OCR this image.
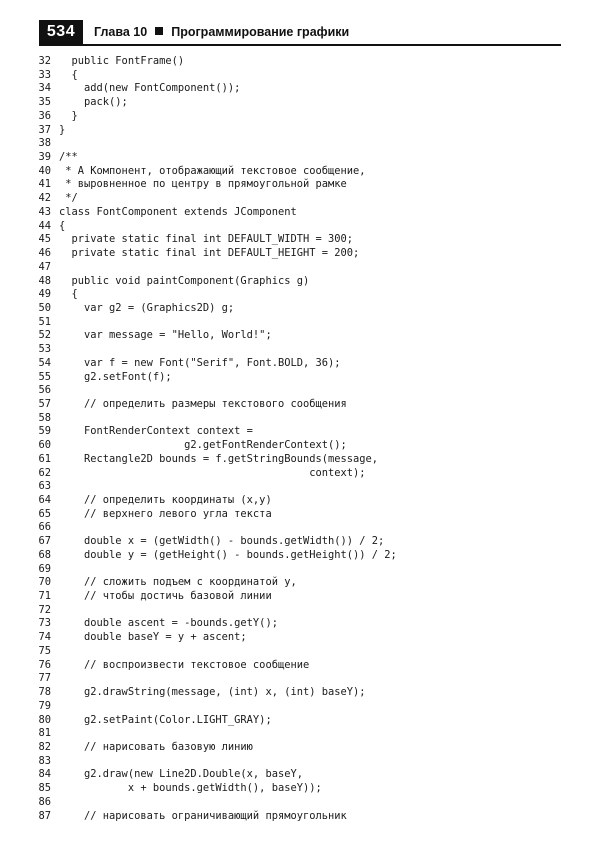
534	Глава 10 Программирование графики
32  public FontFrame()
33  {
34    add(new FontComponent());
35    pack();
36  }
37 }
38
39 /**
40 * A Компонент, отображающий текстовое сообщение,
41 * выровненное по центру в прямоугольной рамке
42 */
43 class FontComponent extends JComponent
44 {
45  private static final int DEFAULT_WIDTH = 300;
46  private static final int DEFAULT_HEIGHT = 200;
47
48  public void paintComponent(Graphics g)
49  {
50    var g2 = (Graphics2D) g;
51
52    var message = "Hello, World!";
53
54    var f = new Font("Serif", Font.BOLD, 36);
55    g2.setFont(f);
56
57    // определить размеры текстового сообщения
58
59    FontRenderContext context =
60                    g2.getFontRenderContext();
61    Rectangle2D bounds = f.getStringBounds(message,
62                                        context);
63
64    // определить координаты (x,y)
65    // верхнего левого угла текста
66
67    double x = (getWidth() - bounds.getWidth()) / 2;
68    double y = (getHeight() - bounds.getHeight()) / 2;
69
70    // сложить подъем с координатой y,
71    // чтобы достичь базовой линии
72
73    double ascent = -bounds.getY();
74    double baseY = y + ascent;
75
76    // воспроизвести текстовое сообщение
77
78    g2.drawString(message, (int) x, (int) baseY);
79
80    g2.setPaint(Color.LIGHT_GRAY);
81
82    // нарисовать базовую линию
83
84    g2.draw(new Line2D.Double(x, baseY,
85           x + bounds.getWidth(), baseY));
86
87    // нарисовать ограничивающий прямоугольник
